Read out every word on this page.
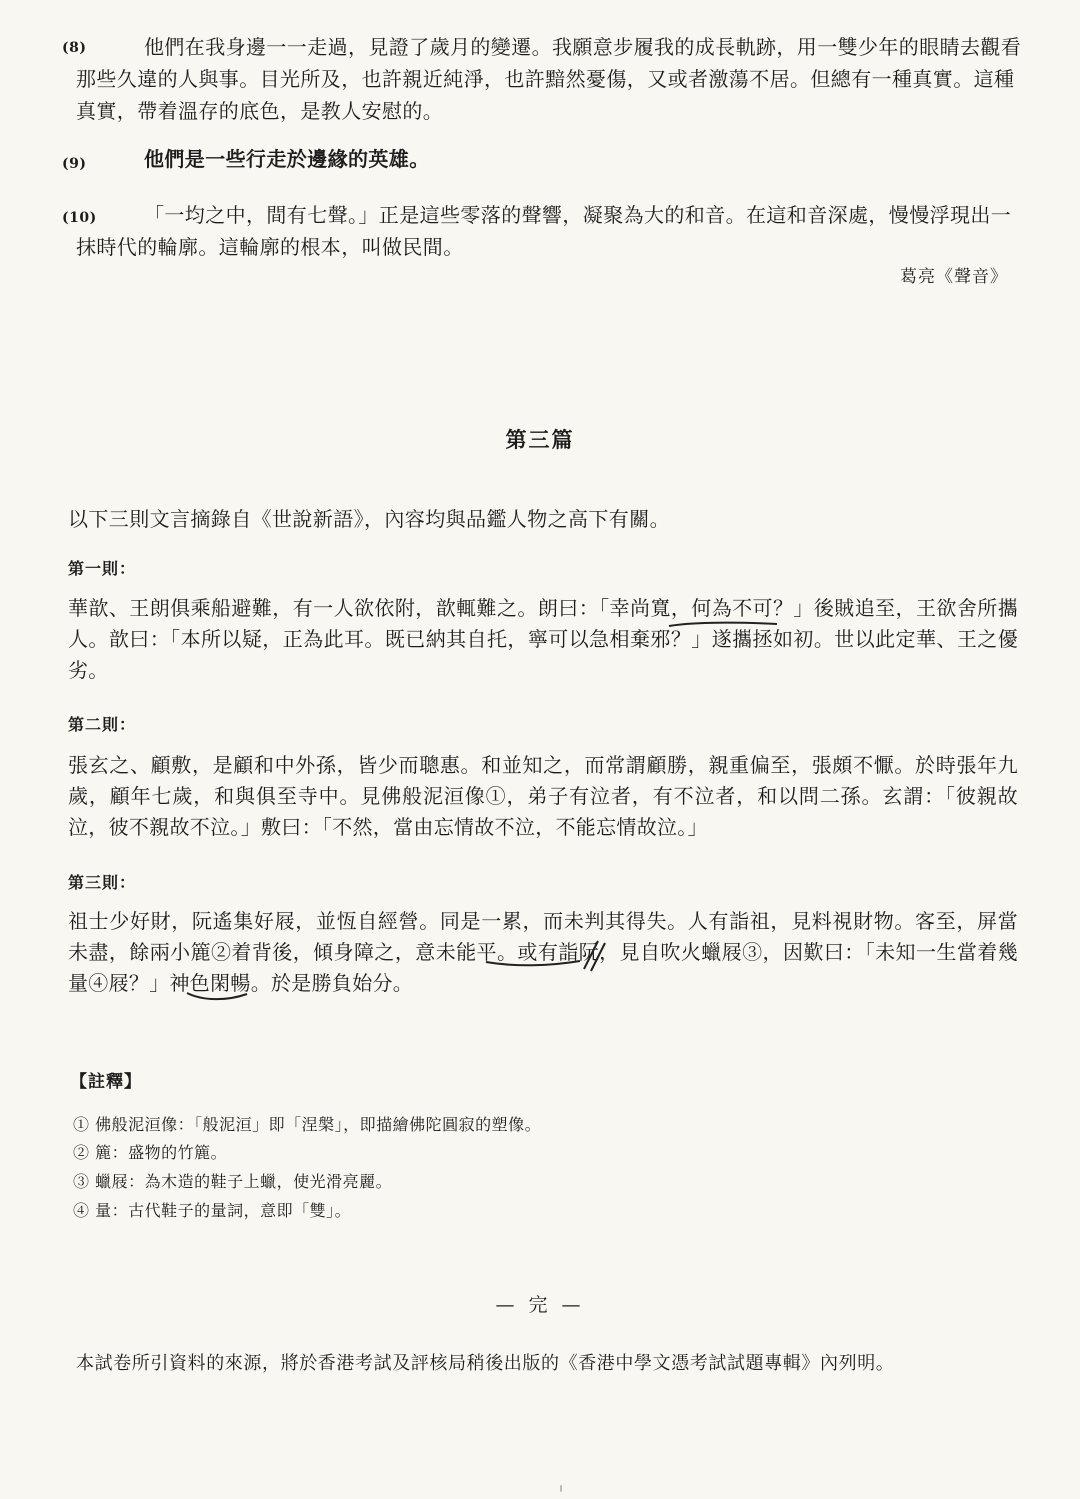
(8)	他們在我身邊一一走過，見證了歲月的變遷。我願意步履我的成長軌跡，用一雙少年的眼睛去觀看那些久違的人與事。目光所及，也許親近純淨，也許黯然憂傷，又或者激蕩不居。但總有一種真實。這種真實，帶着溫存的底色，是教人安慰的。
(9)	他們是一些行走於邊緣的英雄。
(10)	「一均之中，間有七聲。」正是這些零落的聲響，凝聚為大的和音。在這和音深處，慢慢浮現出一抹時代的輪廓。這輪廓的根本，叫做民間。
葛亮《聲音》
第三篇
以下三則文言摘錄自《世說新語》，內容均與品鑑人物之高下有關。
第一則：
華歆、王朗俱乘船避難，有一人欲依附，歆輒難之。朗曰：「幸尚寬，何為不可？」後賊追至，王欲舍所攜人。歆曰：「本所以疑，正為此耳。既已納其自托，寧可以急相棄邪？」遂攜拯如初。世以此定華、王之優劣。
第二則：
張玄之、顧敷，是顧和中外孫，皆少而聰惠。和並知之，而常謂顧勝，親重偏至，張頗不懨。於時張年九歲，顧年七歲，和與俱至寺中。見佛般泥洹像①，弟子有泣者，有不泣者，和以問二孫。玄謂：「彼親故泣，彼不親故不泣。」敷曰：「不然，當由忘情故不泣，不能忘情故泣。」
第三則：
祖士少好財，阮遙集好屐，並恆自經營。同是一累，而未判其得失。人有詣祖，見料視財物。客至，屏當未盡，餘兩小簏②着背後，傾身障之，意未能平。或有詣阮，見自吹火蠟屐③，因歎曰：「未知一生當着幾量④屐？」神色閑暢。於是勝負始分。
【註釋】
① 佛般泥洹像：「般泥洹」即「涅槃」，即描繪佛陀圓寂的塑像。
② 簏：盛物的竹簏。
③ 蠟屐：為木造的鞋子上蠟，使光滑亮麗。
④ 量：古代鞋子的量詞，意即「雙」。
— 完 —
本試卷所引資料的來源，將於香港考試及評核局稍後出版的《香港中學文憑考試試題專輯》內列明。
